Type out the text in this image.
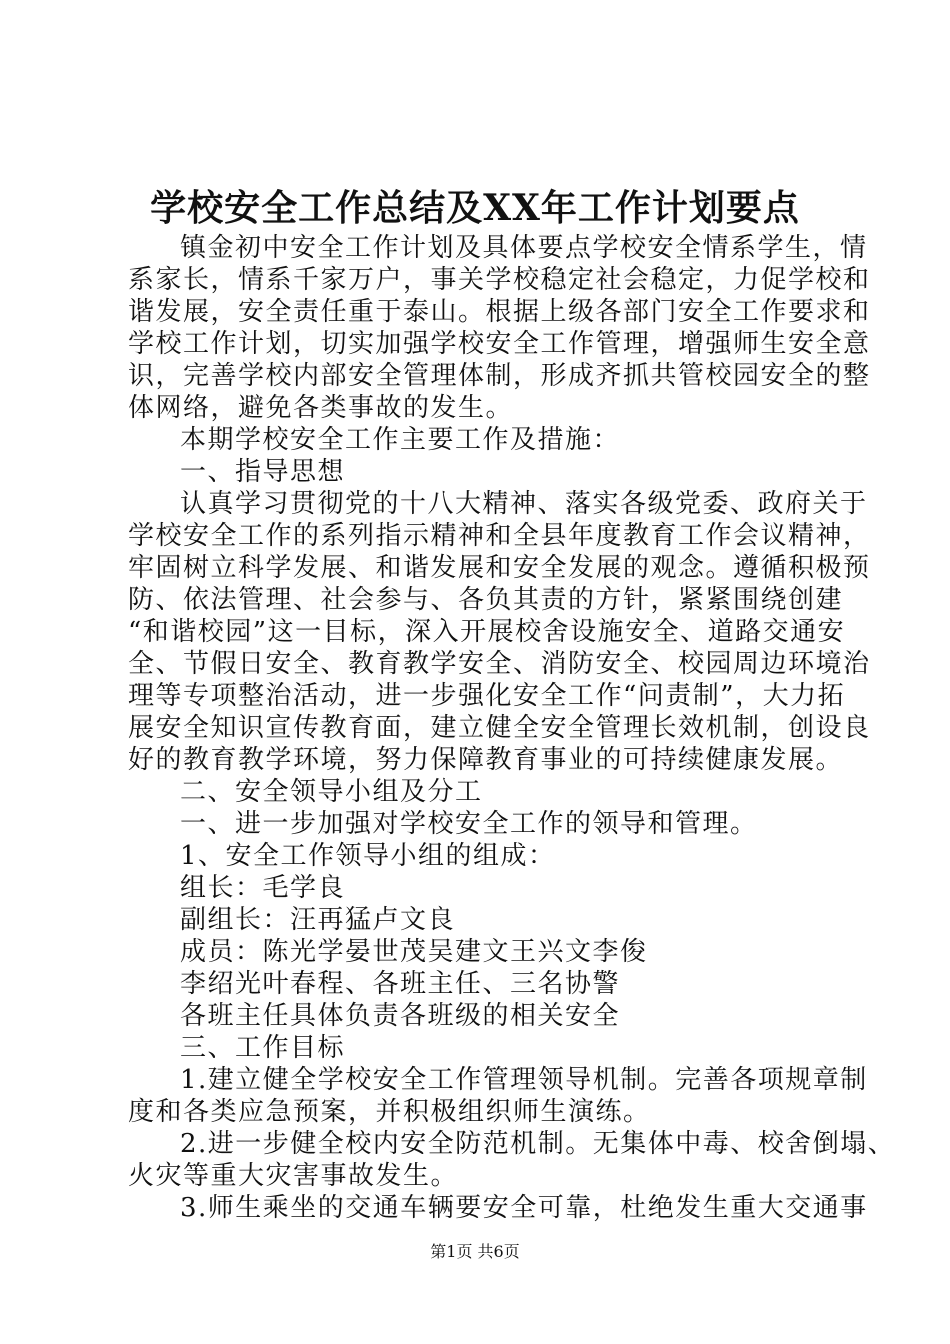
学校安全工作总结及XX年工作计划要点

镇金初中安全工作计划及具体要点学校安全情系学生，情
系家长，情系千家万户，事关学校稳定社会稳定，力促学校和
谐发展，安全责任重于泰山。根据上级各部门安全工作要求和
学校工作计划，切实加强学校安全工作管理，增强师生安全意
识，完善学校内部安全管理体制，形成齐抓共管校园安全的整
体网络，避免各类事故的发生。

本期学校安全工作主要工作及措施：

一、指导思想

认真学习贯彻党的十八大精神、落实各级党委、政府关于
学校安全工作的系列指示精神和全县年度教育工作会议精神，
牢固树立科学发展、和谐发展和安全发展的观念。遵循积极预
防、依法管理、社会参与、各负其责的方针，紧紧围绕创建
“和谐校园”这一目标，深入开展校舍设施安全、道路交通安
全、节假日安全、教育教学安全、消防安全、校园周边环境治
理等专项整治活动，进一步强化安全工作“问责制”，大力拓
展安全知识宣传教育面，建立健全安全管理长效机制，创设良
好的教育教学环境，努力保障教育事业的可持续健康发展。

二、安全领导小组及分工

一、进一步加强对学校安全工作的领导和管理。

1、安全工作领导小组的组成：

组长：毛学良

副组长：汪再猛卢文良

成员：陈光学晏世茂吴建文王兴文李俊

李绍光叶春程、各班主任、三名协警

各班主任具体负责各班级的相关安全

三、工作目标

1.建立健全学校安全工作管理领导机制。完善各项规章制
度和各类应急预案，并积极组织师生演练。

2.进一步健全校内安全防范机制。无集体中毒、校舍倒塌、
火灾等重大灾害事故发生。

3.师生乘坐的交通车辆要安全可靠，杜绝发生重大交通事

第1页 共6页
